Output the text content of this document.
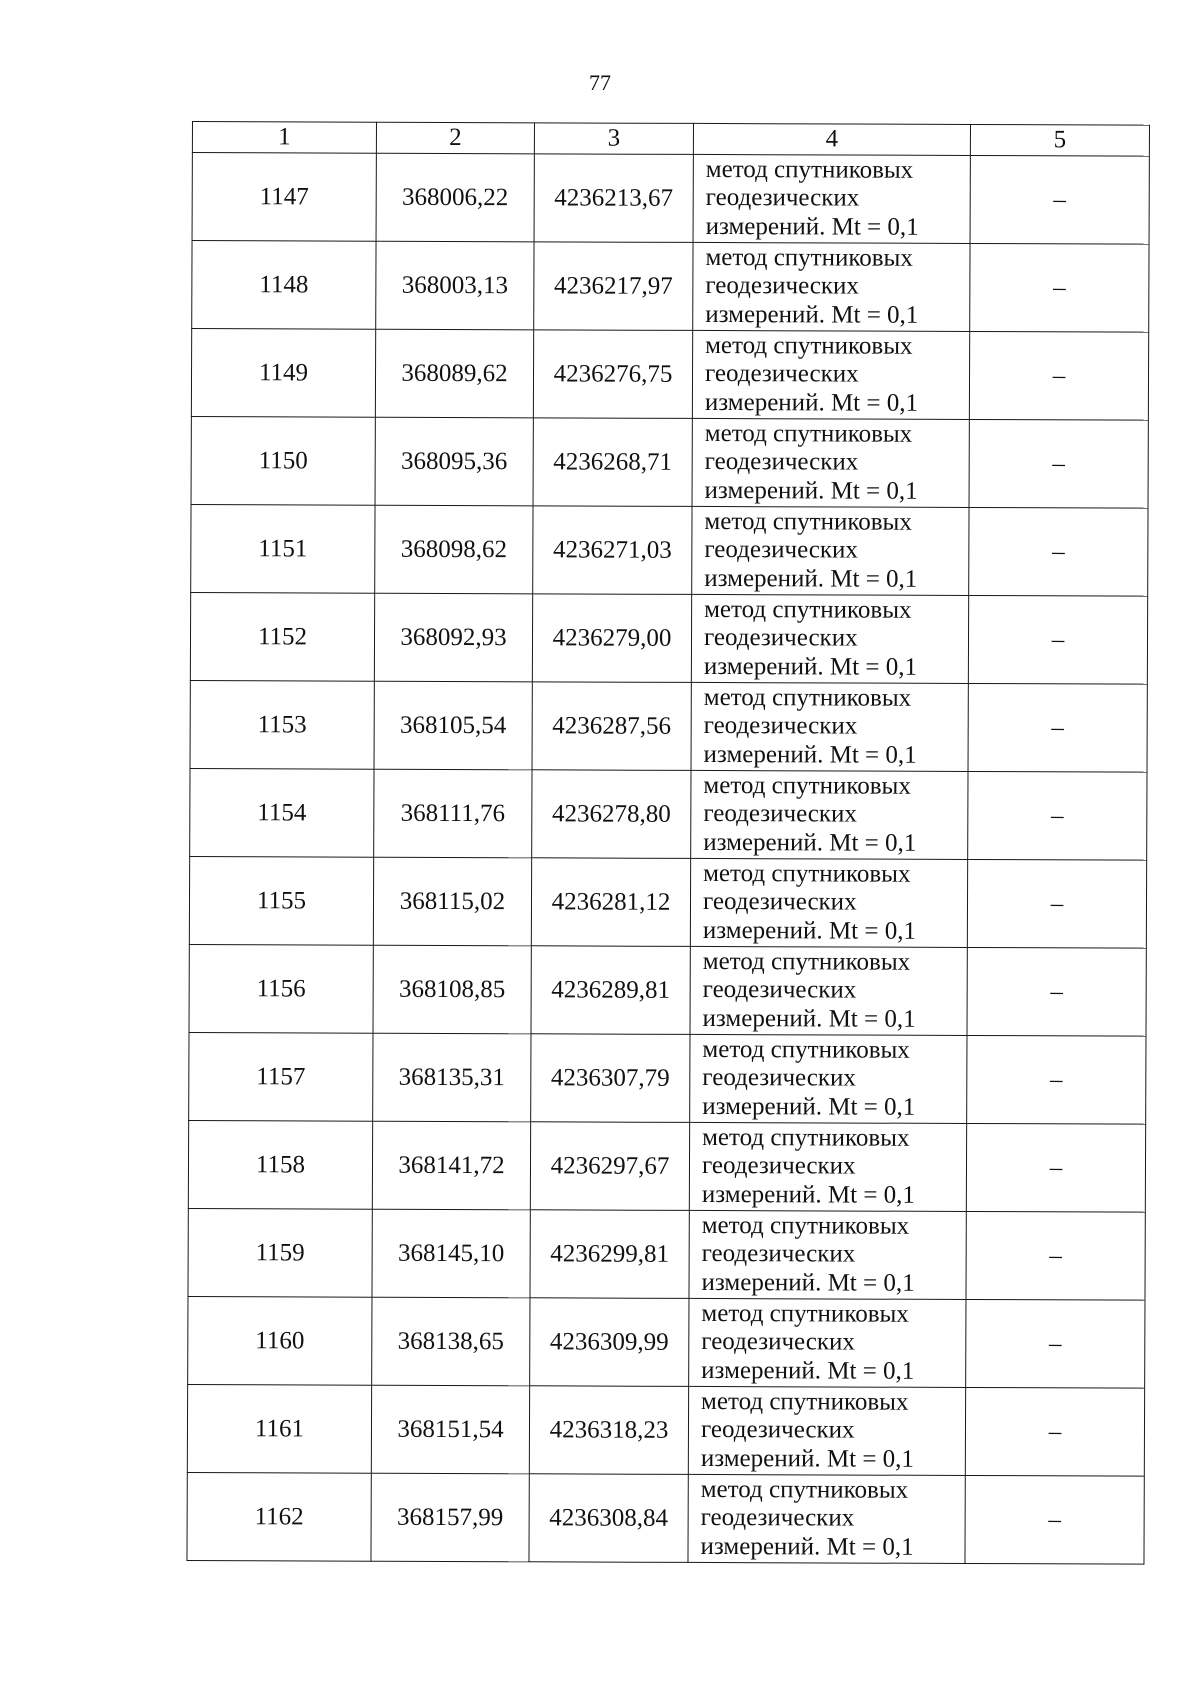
77
1	2	3	4	5
1147	368006,22	4236213,67	метод спутниковых
геодезических
измерений. Mt = 0,1	–
1148	368003,13	4236217,97	метод спутниковых
геодезических
измерений. Mt = 0,1	–
1149	368089,62	4236276,75	метод спутниковых
геодезических
измерений. Mt = 0,1	–
1150	368095,36	4236268,71	метод спутниковых
геодезических
измерений. Mt = 0,1	–
1151	368098,62	4236271,03	метод спутниковых
геодезических
измерений. Mt = 0,1	–
1152	368092,93	4236279,00	метод спутниковых
геодезических
измерений. Mt = 0,1	–
1153	368105,54	4236287,56	метод спутниковых
геодезических
измерений. Mt = 0,1	–
1154	368111,76	4236278,80	метод спутниковых
геодезических
измерений. Mt = 0,1	–
1155	368115,02	4236281,12	метод спутниковых
геодезических
измерений. Mt = 0,1	–
1156	368108,85	4236289,81	метод спутниковых
геодезических
измерений. Mt = 0,1	–
1157	368135,31	4236307,79	метод спутниковых
геодезических
измерений. Mt = 0,1	–
1158	368141,72	4236297,67	метод спутниковых
геодезических
измерений. Mt = 0,1	–
1159	368145,10	4236299,81	метод спутниковых
геодезических
измерений. Mt = 0,1	–
1160	368138,65	4236309,99	метод спутниковых
геодезических
измерений. Mt = 0,1	–
1161	368151,54	4236318,23	метод спутниковых
геодезических
измерений. Mt = 0,1	–
1162	368157,99	4236308,84	метод спутниковых
геодезических
измерений. Mt = 0,1	–
